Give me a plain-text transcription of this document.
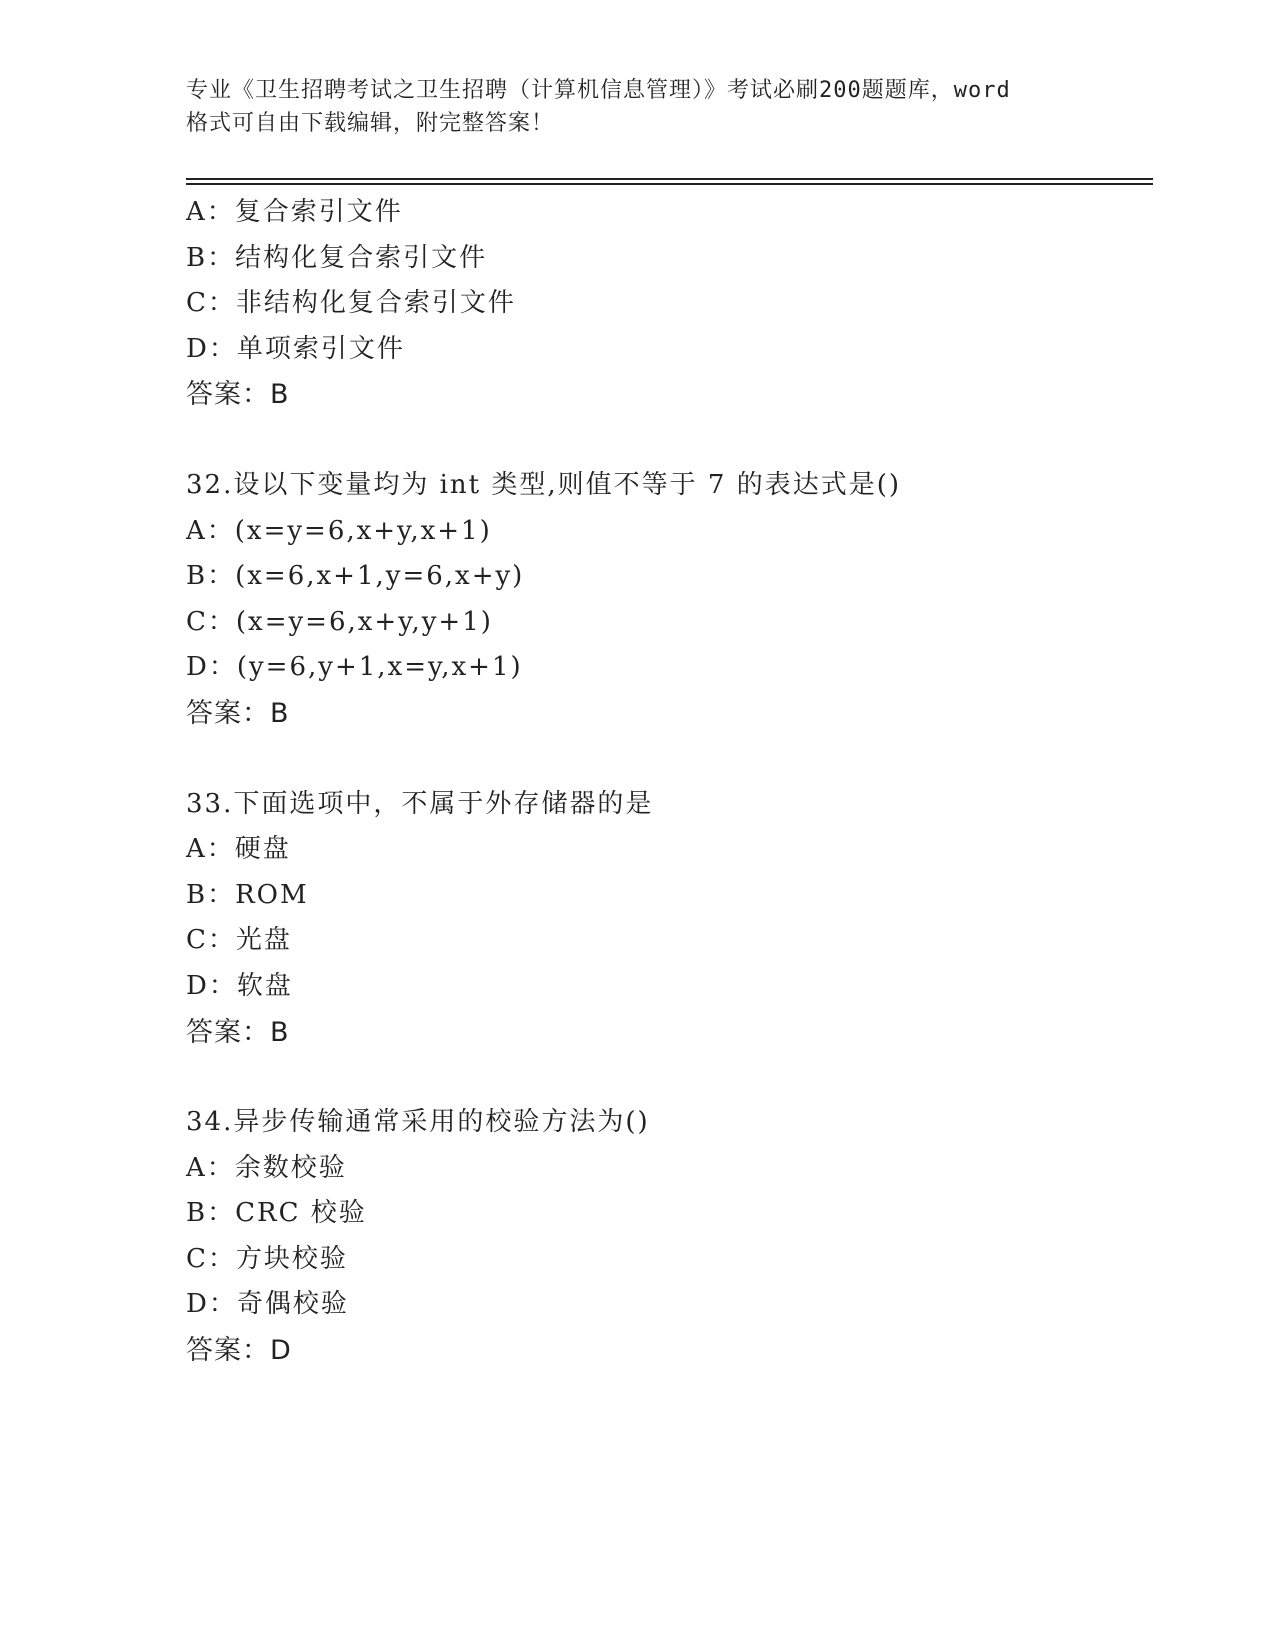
专业《卫生招聘考试之卫生招聘（计算机信息管理）》考试必刷200题题库，word
格式可自由下载编辑，附完整答案！
A：复合索引文件
B：结构化复合索引文件
C：非结构化复合索引文件
D：单项索引文件
答案：B
32.设以下变量均为 int 类型,则值不等于 7 的表达式是()
A：(x=y=6,x+y,x+1)
B：(x=6,x+1,y=6,x+y)
C：(x=y=6,x+y,y+1)
D：(y=6,y+1,x=y,x+1)
答案：B
33.下面选项中，不属于外存储器的是
A：硬盘
B：ROM
C：光盘
D：软盘
答案：B
34.异步传输通常采用的校验方法为()
A：余数校验
B：CRC 校验
C：方块校验
D：奇偶校验
答案：D
